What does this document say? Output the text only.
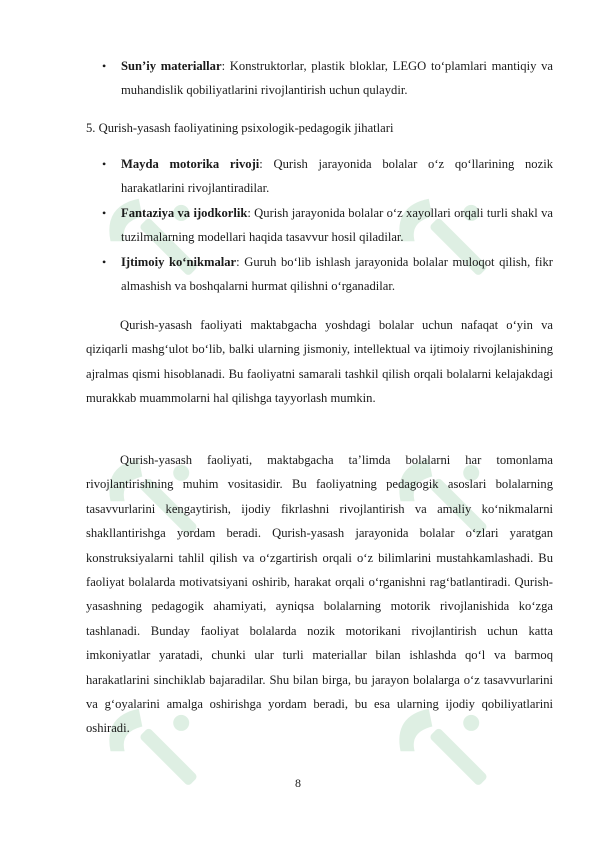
• Sun’iy materiallar: Konstruktorlar, plastik bloklar, LEGO to‘plamlari mantiqiy va muhandislik qobiliyatlarini rivojlantirish uchun qulaydir.
5. Qurish-yasash faoliyatining psixologik-pedagogik jihatlari
• Mayda motorika rivoji: Qurish jarayonida bolalar o‘z qo‘llarining nozik harakatlarini rivojlantiradilar.
• Fantaziya va ijodkorlik: Qurish jarayonida bolalar o‘z xayollari orqali turli shakl va tuzilmalarning modellari haqida tasavvur hosil qiladilar.
• Ijtimoiy ko‘nikmalar: Guruh bo‘lib ishlash jarayonida bolalar muloqot qilish, fikr almashish va boshqalarni hurmat qilishni o‘rganadilar.

Qurish-yasash faoliyati maktabgacha yoshdagi bolalar uchun nafaqat o‘yin va qiziqarli mashg‘ulot bo‘lib, balki ularning jismoniy, intellektual va ijtimoiy rivojlanishining ajralmas qismi hisoblanadi. Bu faoliyatni samarali tashkil qilish orqali bolalarni kelajakdagi murakkab muammolarni hal qilishga tayyorlash mumkin.

Qurish-yasash faoliyati, maktabgacha ta’limda bolalarni har tomonlama rivojlantirishning muhim vositasidir. Bu faoliyatning pedagogik asoslari bolalarning tasavvurlarini kengaytirish, ijodiy fikrlashni rivojlantirish va amaliy ko‘nikmalarni shakllantirishga yordam beradi. Qurish-yasash jarayonida bolalar o‘zlari yaratgan konstruksiyalarni tahlil qilish va o‘zgartirish orqali o‘z bilimlarini mustahkamlashadi. Bu faoliyat bolalarda motivatsiyani oshirib, harakat orqali o‘rganishni rag‘batlantiradi. Qurish-yasashning pedagogik ahamiyati, ayniqsa bolalarning motorik rivojlanishida ko‘zga tashlanadi. Bunday faoliyat bolalarda nozik motorikani rivojlantirish uchun katta imkoniyatlar yaratadi, chunki ular turli materiallar bilan ishlashda qo‘l va barmoq harakatlarini sinchiklab bajaradilar. Shu bilan birga, bu jarayon bolalarga o‘z tasavvurlarini va g‘oyalarini amalga oshirishga yordam beradi, bu esa ularning ijodiy qobiliyatlarini oshiradi.

8
